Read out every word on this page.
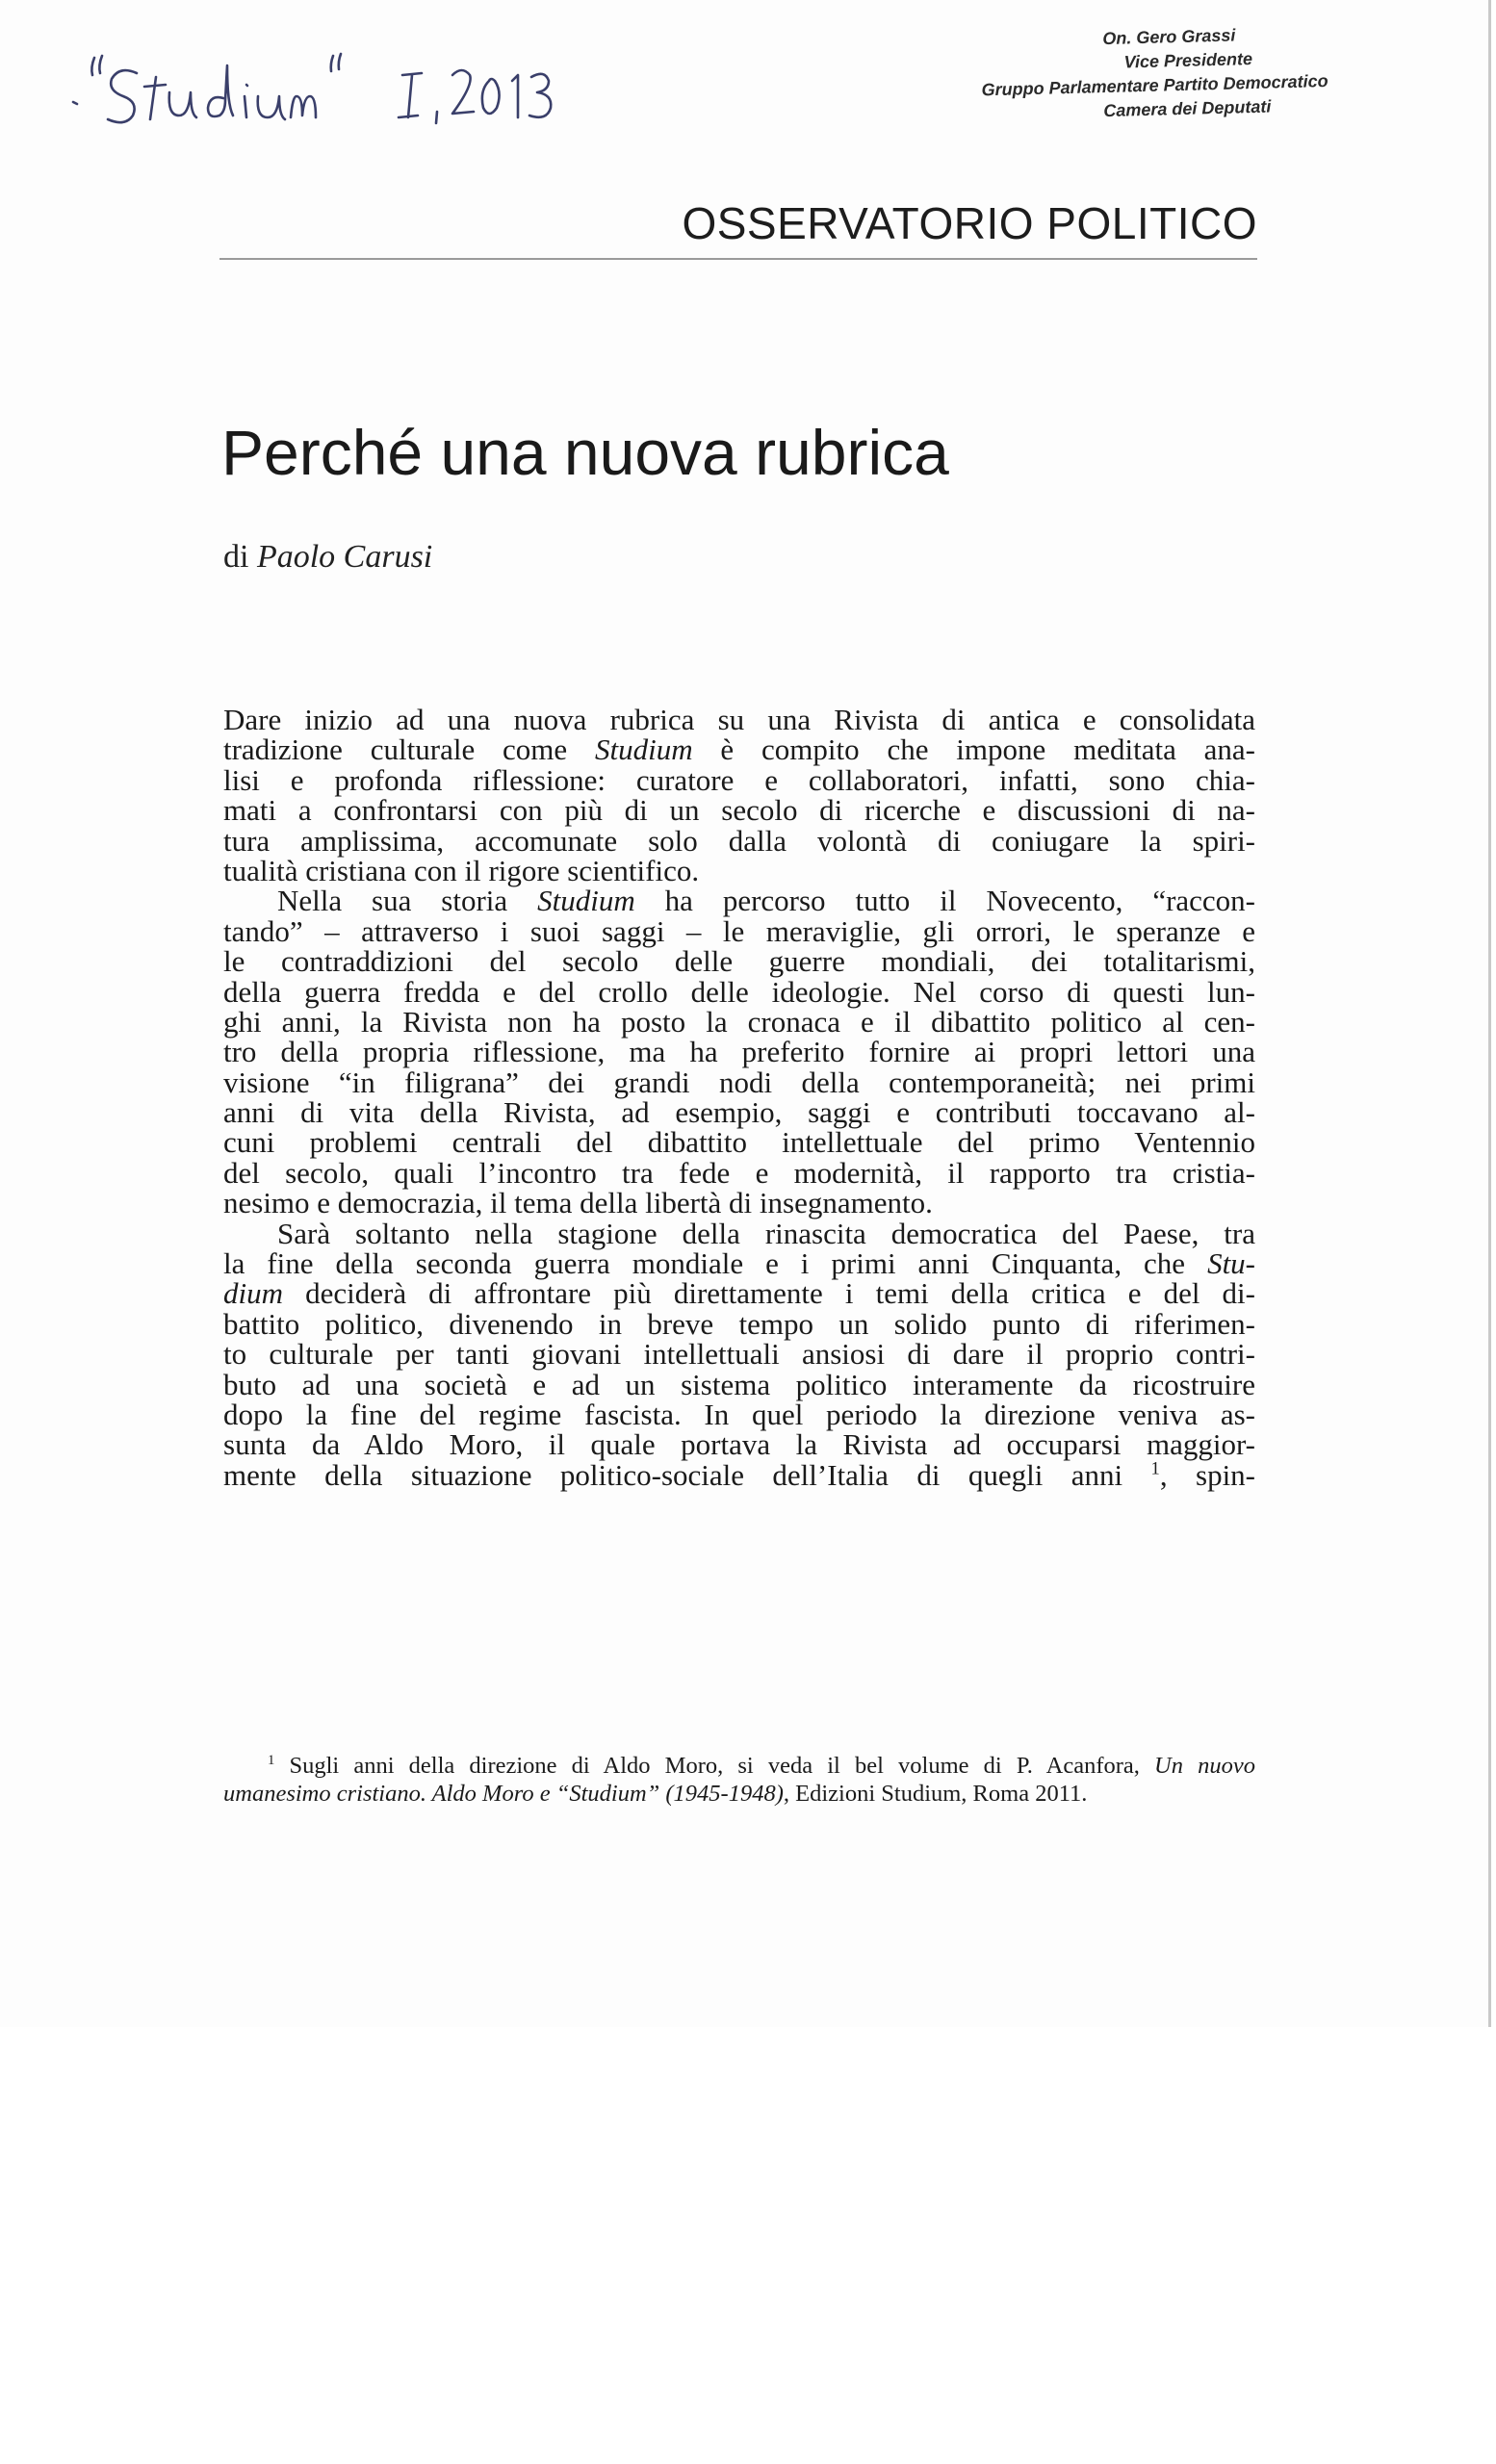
On. Gero Grassi
Vice Presidente
Gruppo Parlamentare Partito Democratico
Camera dei Deputati
OSSERVATORIO POLITICO
Perché una nuova rubrica
di Paolo Carusi
Dare inizio ad una nuova rubrica su una Rivista di antica e consolidata
tradizione culturale come Studium è compito che impone meditata ana-
lisi e profonda riflessione: curatore e collaboratori, infatti, sono chia-
mati a confrontarsi con più di un secolo di ricerche e discussioni di na-
tura amplissima, accomunate solo dalla volontà di coniugare la spiri-
tualità cristiana con il rigore scientifico.
Nella sua storia Studium ha percorso tutto il Novecento, “raccon-
tando” – attraverso i suoi saggi – le meraviglie, gli orrori, le speranze e
le contraddizioni del secolo delle guerre mondiali, dei totalitarismi,
della guerra fredda e del crollo delle ideologie. Nel corso di questi lun-
ghi anni, la Rivista non ha posto la cronaca e il dibattito politico al cen-
tro della propria riflessione, ma ha preferito fornire ai propri lettori una
visione “in filigrana” dei grandi nodi della contemporaneità; nei primi
anni di vita della Rivista, ad esempio, saggi e contributi toccavano al-
cuni problemi centrali del dibattito intellettuale del primo Ventennio
del secolo, quali l’incontro tra fede e modernità, il rapporto tra cristia-
nesimo e democrazia, il tema della libertà di insegnamento.
Sarà soltanto nella stagione della rinascita democratica del Paese, tra
la fine della seconda guerra mondiale e i primi anni Cinquanta, che Stu-
dium deciderà di affrontare più direttamente i temi della critica e del di-
battito politico, divenendo in breve tempo un solido punto di riferimen-
to culturale per tanti giovani intellettuali ansiosi di dare il proprio contri-
buto ad una società e ad un sistema politico interamente da ricostruire
dopo la fine del regime fascista. In quel periodo la direzione veniva as-
sunta da Aldo Moro, il quale portava la Rivista ad occuparsi maggior-
mente della situazione politico-sociale dell’Italia di quegli anni $^1$, spin-
$^1$ Sugli anni della direzione di Aldo Moro, si veda il bel volume di P. Acanfora, Un nuovo
umanesimo cristiano. Aldo Moro e “Studium” (1945-1948), Edizioni Studium, Roma 2011.
